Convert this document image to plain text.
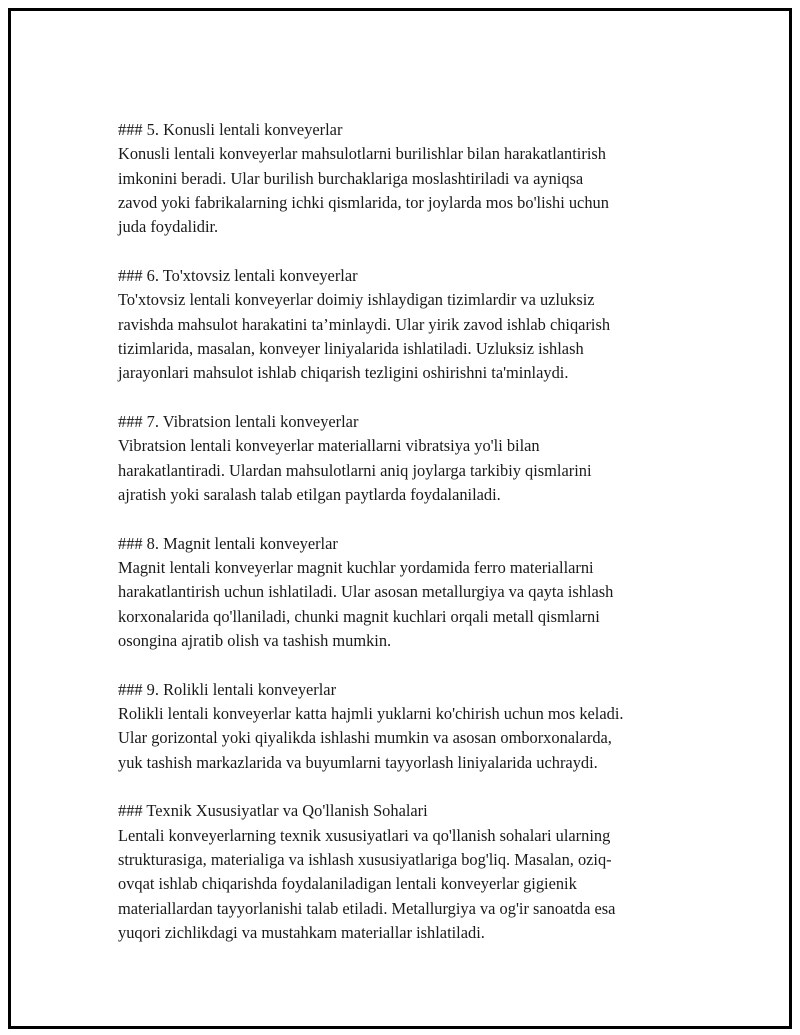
### 5. Konusli lentali konveyerlar
Konusli lentali konveyerlar mahsulotlarni burilishlar bilan harakatlantirish
imkonini beradi. Ular burilish burchaklariga moslashtiriladi va ayniqsa
zavod yoki fabrikalarning ichki qismlarida, tor joylarda mos bo'lishi uchun
juda foydalidir.
### 6. To'xtovsiz lentali konveyerlar
To'xtovsiz lentali konveyerlar doimiy ishlaydigan tizimlardir va uzluksiz
ravishda mahsulot harakatini ta’minlaydi. Ular yirik zavod ishlab chiqarish
tizimlarida, masalan, konveyer liniyalarida ishlatiladi. Uzluksiz ishlash
jarayonlari mahsulot ishlab chiqarish tezligini oshirishni ta'minlaydi.
### 7. Vibratsion lentali konveyerlar
Vibratsion lentali konveyerlar materiallarni vibratsiya yo'li bilan
harakatlantiradi. Ulardan mahsulotlarni aniq joylarga tarkibiy qismlarini
ajratish yoki saralash talab etilgan paytlarda foydalaniladi.
### 8. Magnit lentali konveyerlar
Magnit lentali konveyerlar magnit kuchlar yordamida ferro materiallarni
harakatlantirish uchun ishlatiladi. Ular asosan metallurgiya va qayta ishlash
korxonalarida qo'llaniladi, chunki magnit kuchlari orqali metall qismlarni
osongina ajratib olish va tashish mumkin.
### 9. Rolikli lentali konveyerlar
Rolikli lentali konveyerlar katta hajmli yuklarni ko'chirish uchun mos keladi.
Ular gorizontal yoki qiyalikda ishlashi mumkin va asosan omborxonalarda,
yuk tashish markazlarida va buyumlarni tayyorlash liniyalarida uchraydi.
### Texnik Xususiyatlar va Qo'llanish Sohalari
Lentali konveyerlarning texnik xususiyatlari va qo'llanish sohalari ularning
strukturasiga, materialiga va ishlash xususiyatlariga bog'liq. Masalan, oziq-
ovqat ishlab chiqarishda foydalaniladigan lentali konveyerlar gigienik
materiallardan tayyorlanishi talab etiladi. Metallurgiya va og'ir sanoatda esa
yuqori zichlikdagi va mustahkam materiallar ishlatiladi.
